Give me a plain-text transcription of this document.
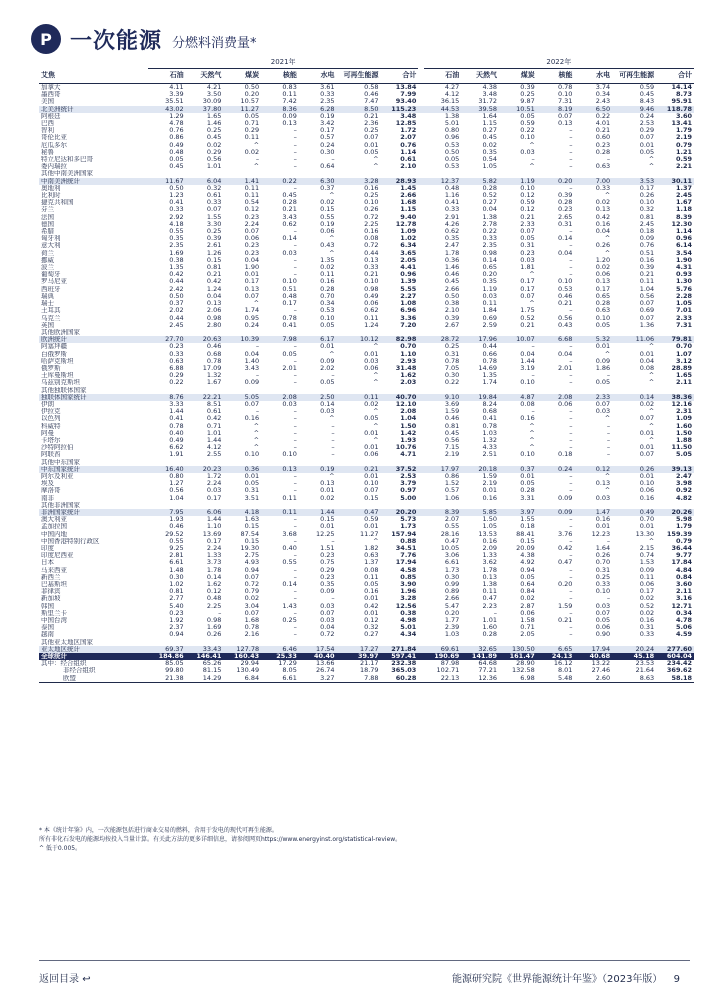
P 一次能源 分燃料消费量*
	2021年								2022年						
艾焦	石油	天然气	煤炭	核能	水电	可再生能源	合计		石油	天然气	煤炭	核能	水电	可再生能源	合计
加拿大	4.11	4.21	0.50	0.83	3.61	0.58	13.84		4.27	4.38	0.39	0.78	3.74	0.59	14.14
墨西哥	3.39	3.50	0.20	0.11	0.33	0.46	7.99		4.12	3.48	0.25	0.10	0.34	0.45	8.73
美国	35.51	30.09	10.57	7.42	2.35	7.47	93.40		36.15	31.72	9.87	7.31	2.43	8.43	95.91
北美洲统计	43.02	37.80	11.27	8.36	6.28	8.50	115.23		44.53	39.58	10.51	8.19	6.50	9.46	118.78
阿根廷	1.29	1.65	0.05	0.09	0.19	0.21	3.48		1.38	1.64	0.05	0.07	0.22	0.24	3.60
巴西	4.78	1.46	0.71	0.13	3.42	2.36	12.85		5.01	1.15	0.59	0.13	4.01	2.53	13.41
智利	0.76	0.25	0.29	–	0.17	0.25	1.72		0.80	0.27	0.22	–	0.21	0.29	1.79
哥伦比亚	0.86	0.45	0.11	–	0.57	0.07	2.07		0.96	0.45	0.10	–	0.60	0.07	2.19
厄瓜多尔	0.49	0.02	^	–	0.24	0.01	0.76		0.53	0.02	^	–	0.23	0.01	0.79
秘鲁	0.48	0.29	0.02	–	0.30	0.05	1.14		0.50	0.35	0.03	–	0.28	0.05	1.21
特立尼达和多巴哥	0.05	0.56	–	–	–	^	0.61		0.05	0.54	–	–	–	^	0.59
委内瑞拉	0.45	1.01	^	–	0.64	^	2.10		0.53	1.05	^	–	0.63	^	2.21
其他中南美洲国家															
中南美洲统计	11.67	6.04	1.41	0.22	6.30	3.28	28.93		12.37	5.82	1.19	0.20	7.00	3.53	30.11
奥地利	0.50	0.32	0.11	–	0.37	0.16	1.45		0.48	0.28	0.10	–	0.33	0.17	1.37
比利时	1.23	0.61	0.11	0.45	^	0.25	2.66		1.16	0.52	0.12	0.39	^	0.26	2.45
捷克共和国	0.41	0.33	0.54	0.28	0.02	0.10	1.68		0.41	0.27	0.59	0.28	0.02	0.10	1.67
芬兰	0.33	0.07	0.12	0.21	0.15	0.26	1.15		0.33	0.04	0.12	0.23	0.13	0.32	1.18
法国	2.92	1.55	0.23	3.43	0.55	0.72	9.40		2.91	1.38	0.21	2.65	0.42	0.81	8.39
德国	4.18	3.30	2.24	0.62	0.19	2.25	12.78		4.26	2.78	2.33	0.31	0.16	2.45	12.30
希腊	0.55	0.25	0.07	–	0.06	0.16	1.09		0.62	0.22	0.07	–	0.04	0.18	1.14
匈牙利	0.35	0.39	0.06	0.14	^	0.08	1.02		0.35	0.33	0.05	0.14	^	0.09	0.96
意大利	2.35	2.61	0.23	–	0.43	0.72	6.34		2.47	2.35	0.31	–	0.26	0.76	6.14
荷兰	1.69	1.26	0.23	0.03	^	0.44	3.65		1.78	0.98	0.23	0.04	^	0.51	3.54
挪威	0.38	0.15	0.04	–	1.35	0.13	2.05		0.36	0.14	0.03	–	1.20	0.16	1.90
波兰	1.35	0.81	1.90	–	0.02	0.33	4.41		1.46	0.65	1.81	–	0.02	0.39	4.31
葡萄牙	0.42	0.21	0.01	–	0.11	0.21	0.96		0.46	0.20	^	–	0.06	0.21	0.93
罗马尼亚	0.44	0.42	0.17	0.10	0.16	0.10	1.39		0.45	0.35	0.17	0.10	0.13	0.11	1.30
西班牙	2.42	1.24	0.13	0.51	0.28	0.98	5.55		2.66	1.19	0.17	0.53	0.17	1.04	5.76
瑞典	0.50	0.04	0.07	0.48	0.70	0.49	2.27		0.50	0.03	0.07	0.46	0.65	0.56	2.28
瑞士	0.37	0.13	^	0.17	0.34	0.06	1.08		0.38	0.11	^	0.21	0.28	0.07	1.05
土耳其	2.02	2.06	1.74	–	0.53	0.62	6.96		2.10	1.84	1.75	–	0.63	0.69	7.01
乌克兰	0.44	0.98	0.95	0.78	0.10	0.11	3.36		0.39	0.69	0.52	0.56	0.10	0.07	2.33
英国	2.45	2.80	0.24	0.41	0.05	1.24	7.20		2.67	2.59	0.21	0.43	0.05	1.36	7.31
其他欧洲国家															
欧洲统计	27.70	20.63	10.39	7.98	6.17	10.12	82.98		28.72	17.96	10.07	6.68	5.32	11.06	79.81
阿塞拜疆	0.23	0.46	–	–	0.01	^	0.70		0.25	0.44	–	–	0.01	^	0.70
白俄罗斯	0.33	0.68	0.04	0.05	^	0.01	1.10		0.31	0.66	0.04	0.04	^	0.01	1.07
哈萨克斯坦	0.63	0.78	1.40	–	0.09	0.03	2.93		0.78	0.78	1.44	–	0.09	0.04	3.12
俄罗斯	6.88	17.09	3.43	2.01	2.02	0.06	31.48		7.05	14.69	3.19	2.01	1.86	0.08	28.89
土库曼斯坦	0.29	1.32	–	–	–	^	1.62		0.30	1.35	–	–	–	^	1.65
乌兹别克斯坦	0.22	1.67	0.09	–	0.05	^	2.03		0.22	1.74	0.10	–	0.05	^	2.11
其他独联体国家															
独联体国家统计	8.76	22.21	5.05	2.08	2.50	0.11	40.70		9.10	19.84	4.87	2.08	2.33	0.14	38.36
伊朗	3.33	8.51	0.07	0.03	0.14	0.02	12.10		3.69	8.24	0.08	0.06	0.07	0.02	12.16
伊拉克	1.44	0.61	–	–	0.03	^	2.08		1.59	0.68	–	–	0.03	^	2.31
以色列	0.41	0.42	0.16	–	^	0.05	1.04		0.46	0.41	0.16	–	^	0.07	1.09
科威特	0.78	0.71	^	–	–	^	1.50		0.81	0.78	^	–	–	^	1.60
阿曼	0.40	1.01	^	–	–	0.01	1.42		0.45	1.03	^	–	–	0.01	1.50
卡塔尔	0.49	1.44	^	–	–	^	1.93		0.56	1.32	^	–	–	^	1.88
沙特阿拉伯	6.62	4.12	^	–	–	0.01	10.76		7.15	4.33	^	–	–	0.01	11.50
阿联酋	1.91	2.55	0.10	0.10	–	0.06	4.71		2.19	2.51	0.10	0.18	–	0.07	5.05
其他中东国家															
中东国家统计	16.40	20.23	0.36	0.13	0.19	0.21	37.52		17.97	20.18	0.37	0.24	0.12	0.26	39.13
阿尔及利亚	0.80	1.72	0.01	–	^	0.01	2.53		0.86	1.59	0.01	–	^	0.01	2.47
埃及	1.27	2.24	0.05	–	0.13	0.10	3.79		1.52	2.19	0.05	–	0.13	0.10	3.98
摩洛哥	0.56	0.03	0.31	–	0.01	0.07	0.97		0.57	0.01	0.28	–	^	0.06	0.92
南非	1.04	0.17	3.51	0.11	0.02	0.15	5.00		1.06	0.16	3.31	0.09	0.03	0.16	4.82
其他非洲国家															
非洲国家统计	7.95	6.06	4.18	0.11	1.44	0.47	20.20		8.39	5.85	3.97	0.09	1.47	0.49	20.26
澳大利亚	1.93	1.44	1.63	–	0.15	0.59	5.73		2.07	1.50	1.55	–	0.16	0.70	5.98
孟加拉国	0.46	1.10	0.15	–	0.01	0.01	1.73		0.55	1.05	0.18	–	0.01	0.01	1.79
中国内地	29.52	13.69	87.54	3.68	12.25	11.27	157.94		28.16	13.53	88.41	3.76	12.23	13.30	159.39
中国香港特别行政区	0.55	0.17	0.15	–	–	^	0.88		0.47	0.16	0.15	–	–	^	0.79
印度	9.25	2.24	19.30	0.40	1.51	1.82	34.51		10.05	2.09	20.09	0.42	1.64	2.15	36.44
印度尼西亚	2.81	1.33	2.75	–	0.23	0.63	7.76		3.06	1.33	4.38	–	0.26	0.74	9.77
日本	6.61	3.73	4.93	0.55	0.75	1.37	17.94		6.61	3.62	4.92	0.47	0.70	1.53	17.84
马来西亚	1.48	1.78	0.94	–	0.29	0.08	4.58		1.73	1.78	0.94	–	0.31	0.09	4.84
新西兰	0.30	0.14	0.07	–	0.23	0.11	0.85		0.30	0.13	0.05	–	0.25	0.11	0.84
巴基斯坦	1.02	1.62	0.72	0.14	0.35	0.05	3.90		0.99	1.38	0.64	0.20	0.33	0.06	3.60
菲律宾	0.81	0.12	0.79	–	0.09	0.16	1.96		0.89	0.11	0.84	–	0.10	0.17	2.11
新加坡	2.77	0.48	0.02	–	–	0.01	3.28		2.66	0.47	0.02	–	–	0.02	3.16
韩国	5.40	2.25	3.04	1.43	0.03	0.42	12.56		5.47	2.23	2.87	1.59	0.03	0.52	12.71
斯里兰卡	0.23	–	0.07	–	0.07	0.01	0.38		0.20	–	0.06	–	0.07	0.02	0.34
中国台湾	1.92	0.98	1.68	0.25	0.03	0.12	4.98		1.77	1.01	1.58	0.21	0.05	0.16	4.78
泰国	2.37	1.69	0.78	–	0.04	0.32	5.01		2.39	1.60	0.71	–	0.06	0.31	5.06
越南	0.94	0.26	2.16	–	0.72	0.27	4.34		1.03	0.28	2.05	–	0.90	0.33	4.59
其他亚太地区国家															
亚太地区统计	69.37	33.43	127.78	6.46	17.54	17.27	271.84		69.61	32.65	130.50	6.65	17.94	20.24	277.60
全球统计	184.86	146.41	160.43	25.33	40.40	39.97	597.41		190.69	141.89	161.47	24.13	40.68	45.18	604.04
其中：经合组织	85.05	65.26	29.94	17.29	13.66	21.17	232.38		87.98	64.68	28.90	16.12	13.22	23.53	234.42
非经合组织	99.80	81.15	130.49	8.05	26.74	18.79	365.03		102.71	77.21	132.58	8.01	27.46	21.64	369.62
欧盟	21.38	14.29	6.84	6.61	3.27	7.88	60.28		22.13	12.36	6.98	5.48	2.60	8.63	58.18
* 本《统计年鉴》内，一次能源包括进行商业交易的燃料，含用于发电的现代可再生能源。
所有非化石发电的能源均按投入当量计算。有关此方法的更多详细信息，请参阅网页https://www.energyinst.org/statistical-review。
^ 低于0.005。
返回目录 ↩	能源研究院《世界能源统计年鉴》（2023年版） 9
